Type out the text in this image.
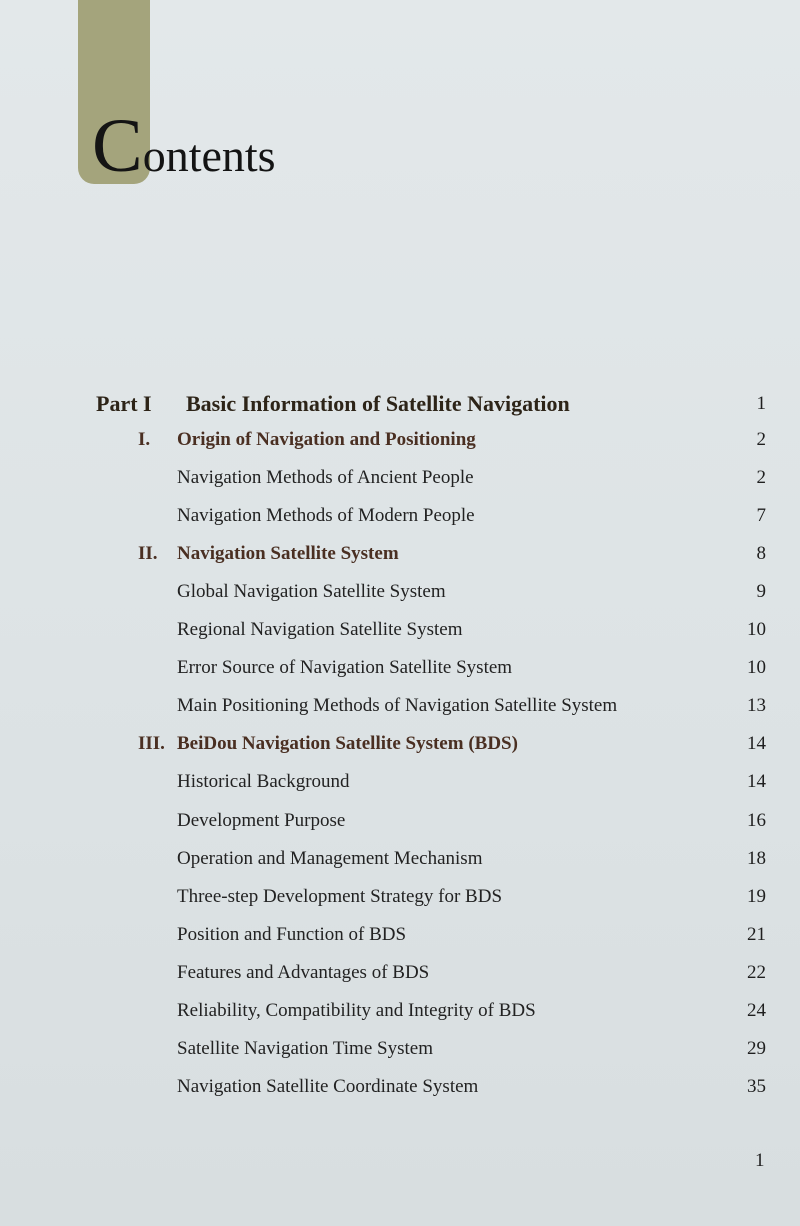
Contents
Part I Basic Information of Satellite Navigation	1
I. Origin of Navigation and Positioning	2
Navigation Methods of Ancient People	2
Navigation Methods of Modern People	7
II. Navigation Satellite System	8
Global Navigation Satellite System	9
Regional Navigation Satellite System	10
Error Source of Navigation Satellite System	10
Main Positioning Methods of Navigation Satellite System	13
III. BeiDou Navigation Satellite System (BDS)	14
Historical Background	14
Development Purpose	16
Operation and Management Mechanism	18
Three-step Development Strategy for BDS	19
Position and Function of BDS	21
Features and Advantages of BDS	22
Reliability, Compatibility and Integrity of BDS	24
Satellite Navigation Time System	29
Navigation Satellite Coordinate System	35
1
